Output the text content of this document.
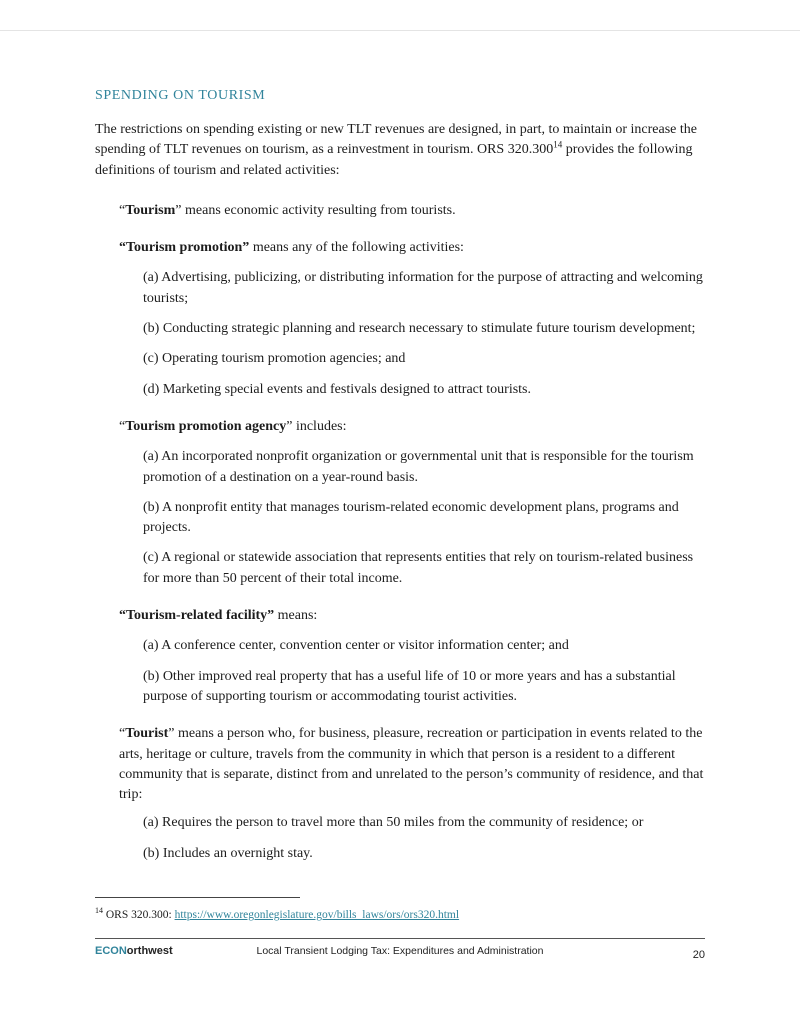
SPENDING ON TOURISM

The restrictions on spending existing or new TLT revenues are designed, in part, to maintain or increase the spending of TLT revenues on tourism, as a reinvestment in tourism. ORS 320.300$^{14}$ provides the following definitions of tourism and related activities:

“Tourism” means economic activity resulting from tourists.

“Tourism promotion” means any of the following activities:

(a) Advertising, publicizing, or distributing information for the purpose of attracting and welcoming tourists;

(b) Conducting strategic planning and research necessary to stimulate future tourism development;

(c) Operating tourism promotion agencies; and

(d) Marketing special events and festivals designed to attract tourists.

“Tourism promotion agency” includes:

(a) An incorporated nonprofit organization or governmental unit that is responsible for the tourism promotion of a destination on a year-round basis.

(b) A nonprofit entity that manages tourism-related economic development plans, programs and projects.

(c) A regional or statewide association that represents entities that rely on tourism-related business for more than 50 percent of their total income.

“Tourism-related facility” means:

(a) A conference center, convention center or visitor information center; and

(b) Other improved real property that has a useful life of 10 or more years and has a substantial purpose of supporting tourism or accommodating tourist activities.

“Tourist” means a person who, for business, pleasure, recreation or participation in events related to the arts, heritage or culture, travels from the community in which that person is a resident to a different community that is separate, distinct from and unrelated to the person’s community of residence, and that trip:

(a) Requires the person to travel more than 50 miles from the community of residence; or

(b) Includes an overnight stay.

$^{14}$ ORS 320.300: https://www.oregonlegislature.gov/bills_laws/ors/ors320.html

ECONorthwest	Local Transient Lodging Tax: Expenditures and Administration	20
